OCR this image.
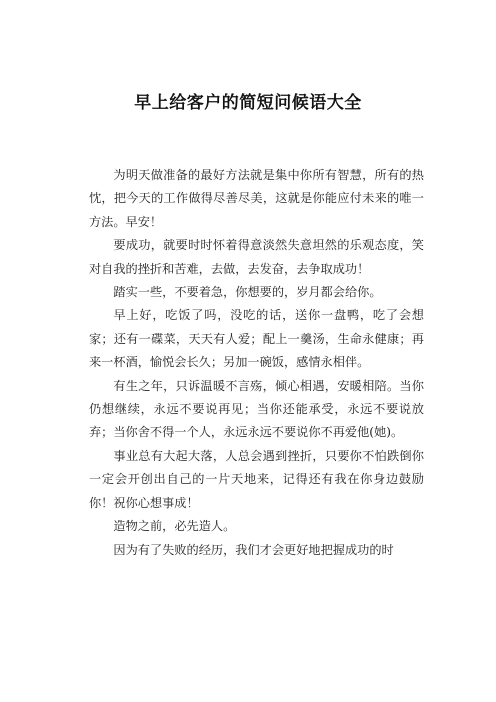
早上给客户的简短问候语大全

为明天做准备的最好方法就是集中你所有智慧，所有的热忱，把今天的工作做得尽善尽美，这就是你能应付未来的唯一方法。早安！

要成功，就要时时怀着得意淡然失意坦然的乐观态度，笑对自我的挫折和苦难，去做，去发奋，去争取成功！

踏实一些，不要着急，你想要的，岁月都会给你。

早上好，吃饭了吗，没吃的话，送你一盘鸭，吃了会想家；还有一碟菜，天天有人爱；配上一羹汤，生命永健康；再来一杯酒，愉悦会长久；另加一碗饭，感情永相伴。

有生之年，只诉温暖不言殇，倾心相遇，安暖相陪。当你仍想继续，永远不要说再见；当你还能承受，永远不要说放弃；当你舍不得一个人，永远永远不要说你不再爱他(她)。

事业总有大起大落，人总会遇到挫折，只要你不怕跌倒你一定会开创出自己的一片天地来，记得还有我在你身边鼓励你！祝你心想事成！

造物之前，必先造人。

因为有了失败的经历，我们才会更好地把握成功的时
